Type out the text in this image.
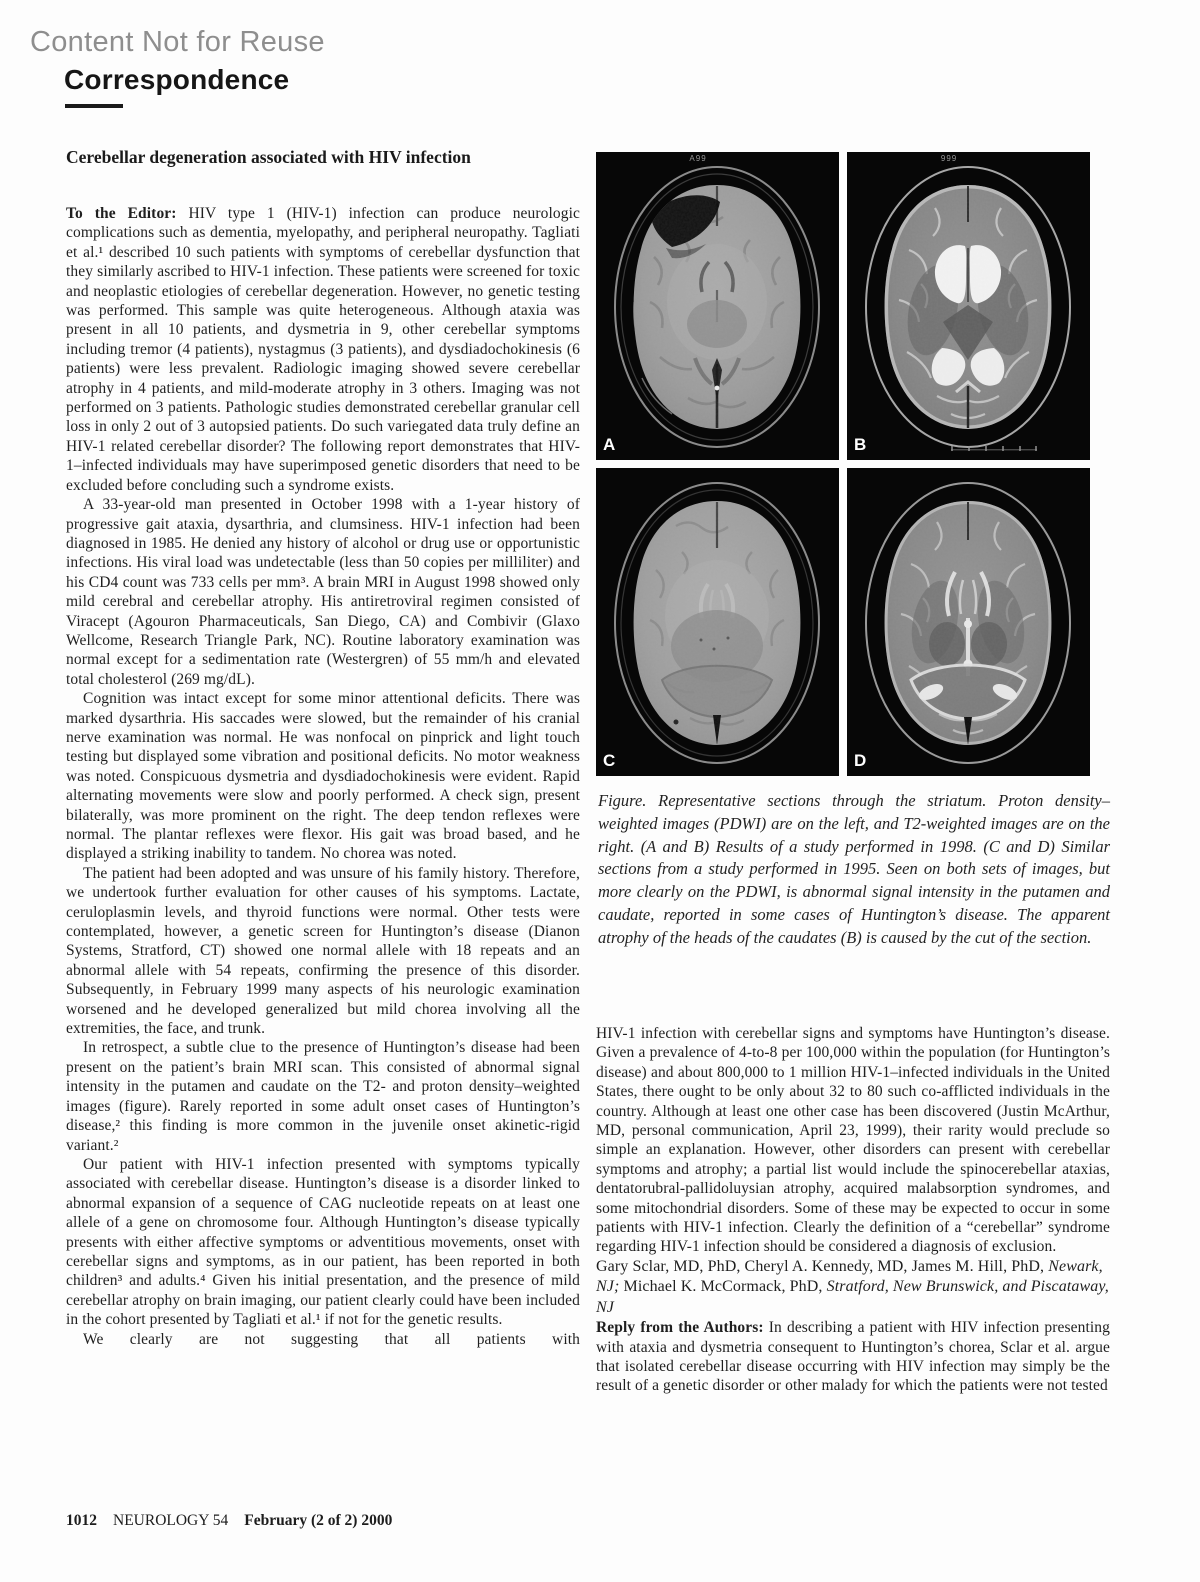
Content Not for Reuse
Correspondence
Cerebellar degeneration associated with HIV infection

To the Editor: HIV type 1 (HIV-1) infection can produce neurologic complications such as dementia, myelopathy, and peripheral neuropathy. Tagliati et al.¹ described 10 such patients with symptoms of cerebellar dysfunction that they similarly ascribed to HIV-1 infection. These patients were screened for toxic and neoplastic etiologies of cerebellar degeneration. However, no genetic testing was performed. This sample was quite heterogeneous. Although ataxia was present in all 10 patients, and dysmetria in 9, other cerebellar symptoms including tremor (4 patients), nystagmus (3 patients), and dysdiadochokinesis (6 patients) were less prevalent. Radiologic imaging showed severe cerebellar atrophy in 4 patients, and mild-moderate atrophy in 3 others. Imaging was not performed on 3 patients. Pathologic studies demonstrated cerebellar granular cell loss in only 2 out of 3 autopsied patients. Do such variegated data truly define an HIV-1 related cerebellar disorder? The following report demonstrates that HIV-1–infected individuals may have superimposed genetic disorders that need to be excluded before concluding such a syndrome exists.

A 33-year-old man presented in October 1998 with a 1-year history of progressive gait ataxia, dysarthria, and clumsiness. HIV-1 infection had been diagnosed in 1985. He denied any history of alcohol or drug use or opportunistic infections. His viral load was undetectable (less than 50 copies per milliliter) and his CD4 count was 733 cells per mm³. A brain MRI in August 1998 showed only mild cerebral and cerebellar atrophy. His antiretroviral regimen consisted of Viracept (Agouron Pharmaceuticals, San Diego, CA) and Combivir (Glaxo Wellcome, Research Triangle Park, NC). Routine laboratory examination was normal except for a sedimentation rate (Westergren) of 55 mm/h and elevated total cholesterol (269 mg/dL).

Cognition was intact except for some minor attentional deficits. There was marked dysarthria. His saccades were slowed, but the remainder of his cranial nerve examination was normal. He was nonfocal on pinprick and light touch testing but displayed some vibration and positional deficits. No motor weakness was noted. Conspicuous dysmetria and dysdiadochokinesis were evident. Rapid alternating movements were slow and poorly performed. A check sign, present bilaterally, was more prominent on the right. The deep tendon reflexes were normal. The plantar reflexes were flexor. His gait was broad based, and he displayed a striking inability to tandem. No chorea was noted.

The patient had been adopted and was unsure of his family history. Therefore, we undertook further evaluation for other causes of his symptoms. Lactate, ceruloplasmin levels, and thyroid functions were normal. Other tests were contemplated, however, a genetic screen for Huntington’s disease (Dianon Systems, Stratford, CT) showed one normal allele with 18 repeats and an abnormal allele with 54 repeats, confirming the presence of this disorder. Subsequently, in February 1999 many aspects of his neurologic examination worsened and he developed generalized but mild chorea involving all the extremities, the face, and trunk.

In retrospect, a subtle clue to the presence of Huntington’s disease had been present on the patient’s brain MRI scan. This consisted of abnormal signal intensity in the putamen and caudate on the T2- and proton density–weighted images (figure). Rarely reported in some adult onset cases of Huntington’s disease,² this finding is more common in the juvenile onset akinetic-rigid variant.²

Our patient with HIV-1 infection presented with symptoms typically associated with cerebellar disease. Huntington’s disease is a disorder linked to abnormal expansion of a sequence of CAG nucleotide repeats on at least one allele of a gene on chromosome four. Although Huntington’s disease typically presents with either affective symptoms or adventitious movements, onset with cerebellar signs and symptoms, as in our patient, has been reported in both children³ and adults.⁴ Given his initial presentation, and the presence of mild cerebellar atrophy on brain imaging, our patient clearly could have been included in the cohort presented by Tagliati et al.¹ if not for the genetic results.

We clearly are not suggesting that all patients with

A99
A
999
B
C	D
Figure. Representative sections through the striatum. Proton density–weighted images (PDWI) are on the left, and T2-weighted images are on the right. (A and B) Results of a study performed in 1998. (C and D) Similar sections from a study performed in 1995. Seen on both sets of images, but more clearly on the PDWI, is abnormal signal intensity in the putamen and caudate, reported in some cases of Huntington’s disease. The apparent atrophy of the heads of the caudates (B) is caused by the cut of the section.

HIV-1 infection with cerebellar signs and symptoms have Huntington’s disease. Given a prevalence of 4-to-8 per 100,000 within the population (for Huntington’s disease) and about 800,000 to 1 million HIV-1–infected individuals in the United States, there ought to be only about 32 to 80 such co-afflicted individuals in the country. Although at least one other case has been discovered (Justin McArthur, MD, personal communication, April 23, 1999), their rarity would preclude so simple an explanation. However, other disorders can present with cerebellar symptoms and atrophy; a partial list would include the spinocerebellar ataxias, dentatorubral-pallidoluysian atrophy, acquired malabsorption syndromes, and some mitochondrial disorders. Some of these may be expected to occur in some patients with HIV-1 infection. Clearly the definition of a “cerebellar” syndrome regarding HIV-1 infection should be considered a diagnosis of exclusion.

Gary Sclar, MD, PhD, Cheryl A. Kennedy, MD, James M. Hill, PhD, Newark, NJ; Michael K. McCormack, PhD, Stratford, New Brunswick, and Piscataway, NJ

Reply from the Authors: In describing a patient with HIV infection presenting with ataxia and dysmetria consequent to Huntington’s chorea, Sclar et al. argue that isolated cerebellar disease occurring with HIV infection may simply be the result of a genetic disorder or other malady for which the patients were not tested

1012 NEUROLOGY 54 February (2 of 2) 2000
